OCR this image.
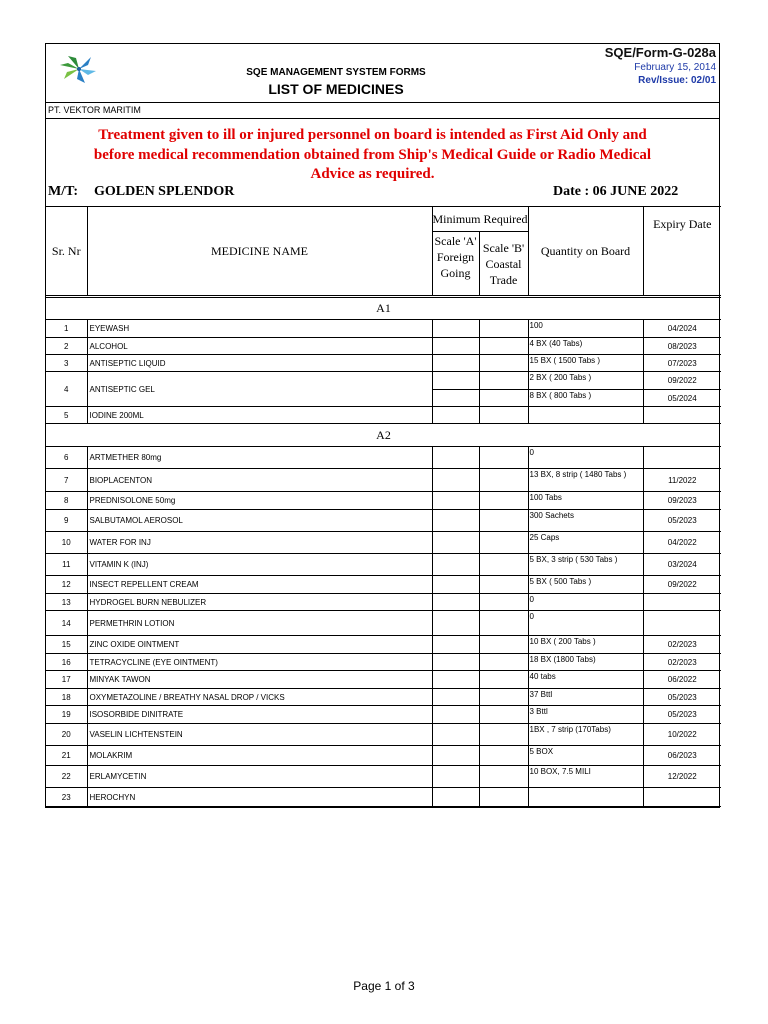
SQE MANAGEMENT SYSTEM FORMS
LIST OF MEDICINES
SQE/Form-G-028a
February 15, 2014
Rev/Issue: 02/01
PT. VEKTOR MARITIM
Treatment given to ill or injured personnel on board is intended as First Aid Only and before medical recommendation obtained from Ship's Medical Guide or Radio Medical Advice as required.
M/T: GOLDEN SPLENDOR	Date : 06 JUNE 2022
Sr. Nr	MEDICINE NAME	Minimum Required		Quantity on Board	Expiry Date

		Scale 'A' Foreign Going	Scale 'B' Coastal Trade		

A1					
1	EYEWASH			100	04/2024
2	ALCOHOL			4 BX (40 Tabs)	08/2023
3	ANTISEPTIC LIQUID			15 BX ( 1500 Tabs )	07/2023
4	ANTISEPTIC GEL			2 BX ( 200 Tabs )	09/2022
				8 BX ( 800 Tabs )	05/2024
5	IODINE 200ML				
A2					
6	ARTMETHER 80mg			0	
7	BIOPLACENTON			13 BX, 8 strip ( 1480 Tabs )	11/2022
8	PREDNISOLONE 50mg			100 Tabs	09/2023
9	SALBUTAMOL AEROSOL			300 Sachets	05/2023
10	WATER FOR INJ			25 Caps	04/2022
11	VITAMIN K (INJ)			5 BX, 3 strip ( 530 Tabs )	03/2024
12	INSECT REPELLENT CREAM			5 BX ( 500 Tabs )	09/2022
13	HYDROGEL BURN NEBULIZER			0	
14	PERMETHRIN LOTION			0	
15	ZINC OXIDE OINTMENT			10 BX ( 200 Tabs )	02/2023
16	TETRACYCLINE (EYE OINTMENT)			18 BX (1800 Tabs)	02/2023
17	MINYAK TAWON			40 tabs	06/2022
18	OXYMETAZOLINE / BREATHY NASAL DROP / VICKS			37 Bttl	05/2023
19	ISOSORBIDE DINITRATE			3 Bttl	05/2023
20	VASELIN LICHTENSTEIN			1BX , 7 strip (170Tabs)	10/2022
21	MOLAKRIM			5 BOX	06/2023
22	ERLAMYCETIN			10 BOX, 7.5 MILI	12/2022
23	HEROCHYN				
Page 1 of 3
